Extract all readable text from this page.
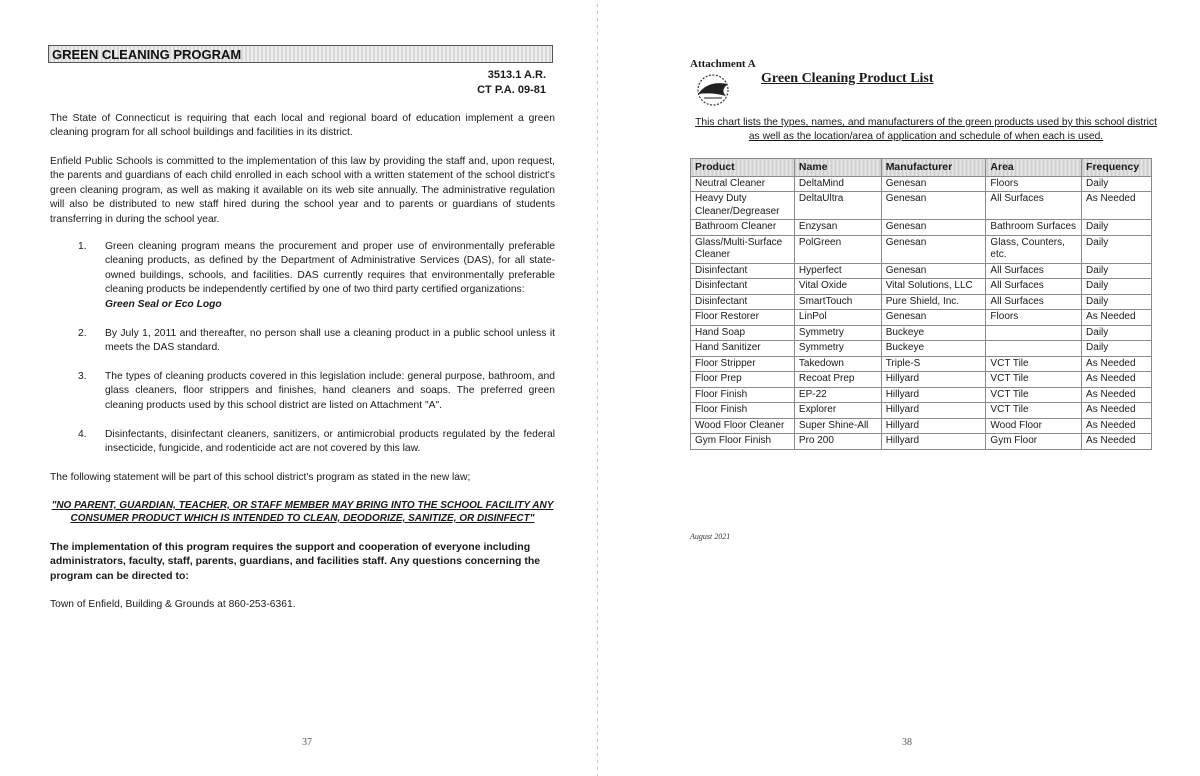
GREEN CLEANING PROGRAM
3513.1 A.R.
CT P.A. 09-81
The State of Connecticut is requiring that each local and regional board of education implement a green cleaning program for all school buildings and facilities in its district.
Enfield Public Schools is committed to the implementation of this law by providing the staff and, upon request, the parents and guardians of each child enrolled in each school with a written statement of the school district's green cleaning program, as well as making it available on its web site annually. The administrative regulation will also be distributed to new staff hired during the school year and to parents or guardians of students transferring in during the school year.
1. Green cleaning program means the procurement and proper use of environmentally preferable cleaning products, as defined by the Department of Administrative Services (DAS), for all state-owned buildings, schools, and facilities. DAS currently requires that environmentally preferable cleaning products be independently certified by one of two third party certified organizations:
Green Seal or Eco Logo
2. By July 1, 2011 and thereafter, no person shall use a cleaning product in a public school unless it meets the DAS standard.
3. The types of cleaning products covered in this legislation include: general purpose, bathroom, and glass cleaners, floor strippers and finishes, hand cleaners and soaps. The preferred green cleaning products used by this school district are listed on Attachment "A".
4. Disinfectants, disinfectant cleaners, sanitizers, or antimicrobial products regulated by the federal insecticide, fungicide, and rodenticide act are not covered by this law.
The following statement will be part of this school district's program as stated in the new law;
"NO PARENT, GUARDIAN, TEACHER, OR STAFF MEMBER MAY BRING INTO THE SCHOOL FACILITY ANY CONSUMER PRODUCT WHICH IS INTENDED TO CLEAN, DEODORIZE, SANITIZE, OR DISINFECT"
The implementation of this program requires the support and cooperation of everyone including administrators, faculty, staff, parents, guardians, and facilities staff. Any questions concerning the program can be directed to:
Town of Enfield, Building & Grounds at 860-253-6361.
37
Attachment A
Green Cleaning Product List
This chart lists the types, names, and manufacturers of the green products used by this school district as well as the location/area of application and schedule of when each is used.
Product	Name	Manufacturer	Area	Frequency
Neutral Cleaner	DeltaMind	Genesan	Floors	Daily
Heavy Duty Cleaner/Degreaser	DeltaUltra	Genesan	All Surfaces	As Needed
Bathroom Cleaner	Enzysan	Genesan	Bathroom Surfaces	Daily
Glass/Multi-Surface Cleaner	PolGreen	Genesan	Glass, Counters, etc.	Daily
Disinfectant	Hyperfect	Genesan	All Surfaces	Daily
Disinfectant	Vital Oxide	Vital Solutions, LLC	All Surfaces	Daily
Disinfectant	SmartTouch	Pure Shield, Inc.	All Surfaces	Daily
Floor Restorer	LinPol	Genesan	Floors	As Needed
Hand Soap	Symmetry	Buckeye		Daily
Hand Sanitizer	Symmetry	Buckeye		Daily
Floor Stripper	Takedown	Triple-S	VCT Tile	As Needed
Floor Prep	Recoat Prep	Hillyard	VCT Tile	As Needed
Floor Finish	EP-22	Hillyard	VCT Tile	As Needed
Floor Finish	Explorer	Hillyard	VCT Tile	As Needed
Wood Floor Cleaner	Super Shine-All	Hillyard	Wood Floor	As Needed
Gym Floor Finish	Pro 200	Hillyard	Gym Floor	As Needed
August 2021
38
